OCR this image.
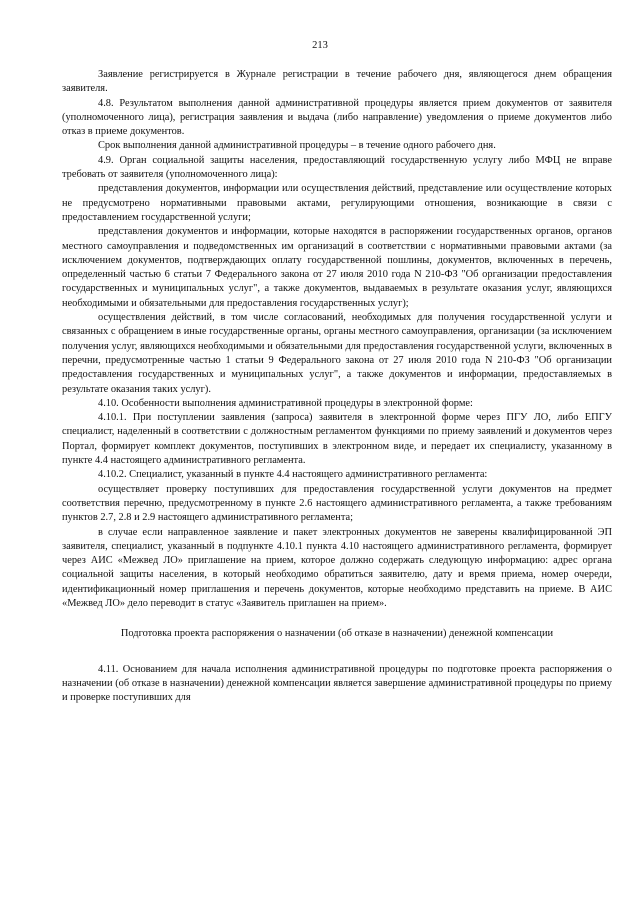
213

Заявление регистрируется в Журнале регистрации в течение рабочего дня, являющегося днем обращения заявителя.

4.8. Результатом выполнения данной административной процедуры является прием документов от заявителя (уполномоченного лица), регистрация заявления и выдача (либо направление) уведомления о приеме документов либо отказ в приеме документов.

Срок выполнения данной административной процедуры – в течение одного рабочего дня.

4.9. Орган социальной защиты населения, предоставляющий государственную услугу либо МФЦ не вправе требовать от заявителя (уполномоченного лица):

представления документов, информации или осуществления действий, представление или осуществление которых не предусмотрено нормативными правовыми актами, регулирующими отношения, возникающие в связи с предоставлением государственной услуги;

представления документов и информации, которые находятся в распоряжении государственных органов, органов местного самоуправления и подведомственных им организаций в соответствии с нормативными правовыми актами (за исключением документов, подтверждающих оплату государственной пошлины, документов, включенных в перечень, определенный частью 6 статьи 7 Федерального закона от 27 июля 2010 года N 210-ФЗ "Об организации предоставления государственных и муниципальных услуг", а также документов, выдаваемых в результате оказания услуг, являющихся необходимыми и обязательными для предоставления государственных услуг);

осуществления действий, в том числе согласований, необходимых для получения государственной услуги и связанных с обращением в иные государственные органы, органы местного самоуправления, организации (за исключением получения услуг, являющихся необходимыми и обязательными для предоставления государственной услуги, включенных в перечни, предусмотренные частью 1 статьи 9 Федерального закона от 27 июля 2010 года N 210-ФЗ "Об организации предоставления государственных и муниципальных услуг", а также документов и информации, предоставляемых в результате оказания таких услуг).

4.10. Особенности выполнения административной процедуры в электронной форме:

4.10.1. При поступлении заявления (запроса) заявителя в электронной форме через ПГУ ЛО, либо ЕПГУ специалист, наделенный в соответствии с должностным регламентом функциями по приему заявлений и документов через Портал, формирует комплект документов, поступивших в электронном виде, и передает их специалисту, указанному в пункте 4.4 настоящего административного регламента.

4.10.2. Специалист, указанный в пункте 4.4 настоящего административного регламента:

осуществляет проверку поступивших для предоставления государственной услуги документов на предмет соответствия перечню, предусмотренному в пункте 2.6 настоящего административного регламента, а также требованиям пунктов 2.7, 2.8 и 2.9 настоящего административного регламента;

в случае если направленное заявление и пакет электронных документов не заверены квалифицированной ЭП заявителя, специалист, указанный в подпункте 4.10.1 пункта 4.10 настоящего административного регламента, формирует через АИС «Межвед ЛО» приглашение на прием, которое должно содержать следующую информацию: адрес органа социальной защиты населения, в который необходимо обратиться заявителю, дату и время приема, номер очереди, идентификационный номер приглашения и перечень документов, которые необходимо представить на приеме. В АИС «Межвед ЛО» дело переводит в статус «Заявитель приглашен на прием».

Подготовка проекта распоряжения о назначении (об отказе в назначении) денежной компенсации

4.11. Основанием для начала исполнения административной процедуры по подготовке проекта распоряжения о назначении (об отказе в назначении) денежной компенсации является завершение административной процедуры по приему и проверке поступивших для
